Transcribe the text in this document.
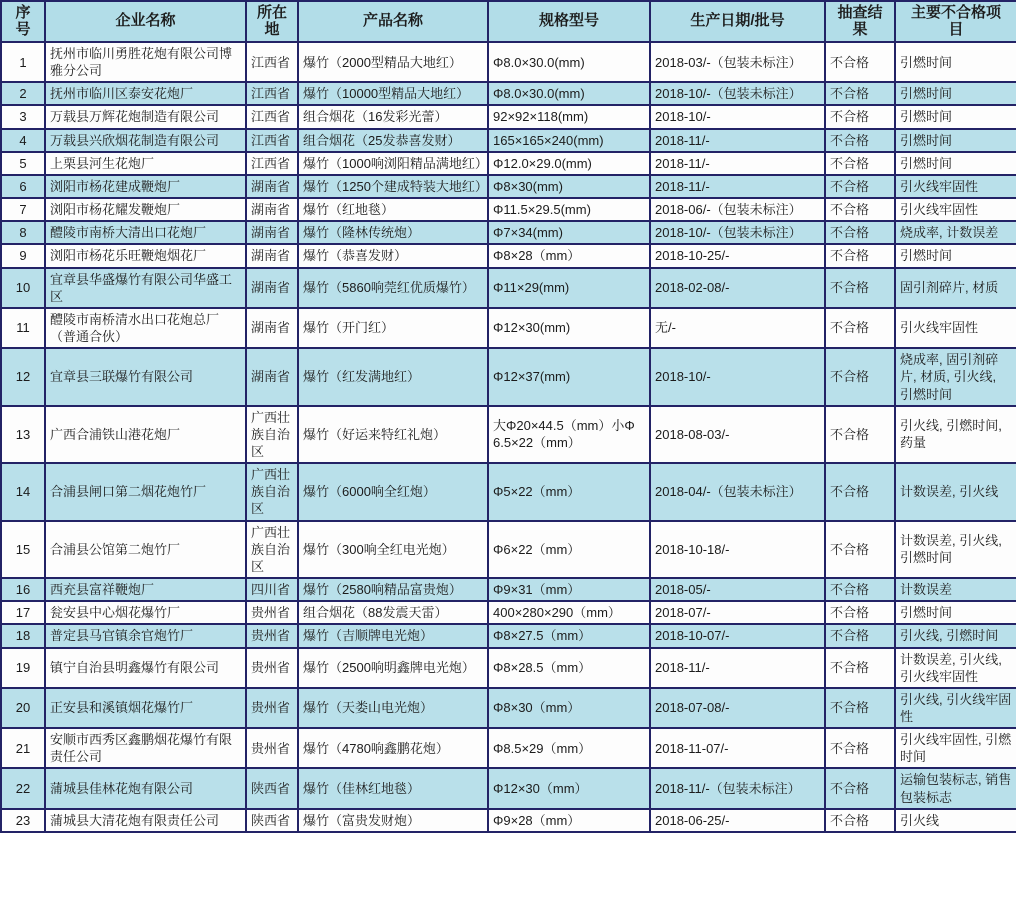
序号	企业名称	所在地	产品名称	规格型号	生产日期/批号	抽查结果	主要不合格项目
1	抚州市临川勇胜花炮有限公司博雅分公司	江西省	爆竹（2000型精品大地红）	Φ8.0×30.0(mm)	2018-03/-（包装未标注）	不合格	引燃时间
2	抚州市临川区泰安花炮厂	江西省	爆竹（10000型精品大地红）	Φ8.0×30.0(mm)	2018-10/-（包装未标注）	不合格	引燃时间
3	万载县万辉花炮制造有限公司	江西省	组合烟花（16发彩光蕾）	92×92×118(mm)	2018-10/-	不合格	引燃时间
4	万载县兴欣烟花制造有限公司	江西省	组合烟花（25发恭喜发财）	165×165×240(mm)	2018-11/-	不合格	引燃时间
5	上栗县河生花炮厂	江西省	爆竹（1000响浏阳精品满地红）	Φ12.0×29.0(mm)	2018-11/-	不合格	引燃时间
6	浏阳市杨花建成鞭炮厂	湖南省	爆竹（1250个建成特装大地红）	Φ8×30(mm)	2018-11/-	不合格	引火线牢固性
7	浏阳市杨花耀发鞭炮厂	湖南省	爆竹（红地毯）	Φ11.5×29.5(mm)	2018-06/-（包装未标注）	不合格	引火线牢固性
8	醴陵市南桥大清出口花炮厂	湖南省	爆竹（隆林传统炮）	Φ7×34(mm)	2018-10/-（包装未标注）	不合格	烧成率, 计数误差
9	浏阳市杨花乐旺鞭炮烟花厂	湖南省	爆竹（恭喜发财）	Φ8×28（mm）	2018-10-25/-	不合格	引燃时间
10	宜章县华盛爆竹有限公司华盛工区	湖南省	爆竹（5860响莞红优质爆竹）	Φ11×29(mm)	2018-02-08/-	不合格	固引剂碎片, 材质
11	醴陵市南桥清水出口花炮总厂（普通合伙）	湖南省	爆竹（开门红）	Φ12×30(mm)	无/-	不合格	引火线牢固性
12	宜章县三联爆竹有限公司	湖南省	爆竹（红发满地红）	Φ12×37(mm)	2018-10/-	不合格	烧成率, 固引剂碎片, 材质, 引火线, 引燃时间
13	广西合浦铁山港花炮厂	广西壮族自治区	爆竹（好运来特红礼炮）	大Φ20×44.5（mm）小Φ6.5×22（mm）	2018-08-03/-	不合格	引火线, 引燃时间, 药量
14	合浦县闸口第二烟花炮竹厂	广西壮族自治区	爆竹（6000响全红炮）	Φ5×22（mm）	2018-04/-（包装未标注）	不合格	计数误差, 引火线
15	合浦县公馆第二炮竹厂	广西壮族自治区	爆竹（300响全红电光炮）	Φ6×22（mm）	2018-10-18/-	不合格	计数误差, 引火线, 引燃时间
16	西充县富祥鞭炮厂	四川省	爆竹（2580响精品富贵炮）	Φ9×31（mm）	2018-05/-	不合格	计数误差
17	瓮安县中心烟花爆竹厂	贵州省	组合烟花（88发震天雷）	400×280×290（mm）	2018-07/-	不合格	引燃时间
18	普定县马官镇余官炮竹厂	贵州省	爆竹（吉顺牌电光炮）	Φ8×27.5（mm）	2018-10-07/-	不合格	引火线, 引燃时间
19	镇宁自治县明鑫爆竹有限公司	贵州省	爆竹（2500响明鑫牌电光炮）	Φ8×28.5（mm）	2018-11/-	不合格	计数误差, 引火线, 引火线牢固性
20	正安县和溪镇烟花爆竹厂	贵州省	爆竹（天娄山电光炮）	Φ8×30（mm）	2018-07-08/-	不合格	引火线, 引火线牢固性
21	安顺市西秀区鑫鹏烟花爆竹有限责任公司	贵州省	爆竹（4780响鑫鹏花炮）	Φ8.5×29（mm）	2018-11-07/-	不合格	引火线牢固性, 引燃时间
22	蒲城县佳林花炮有限公司	陕西省	爆竹（佳林红地毯）	Φ12×30（mm）	2018-11/-（包装未标注）	不合格	运输包装标志, 销售包装标志
23	蒲城县大清花炮有限责任公司	陕西省	爆竹（富贵发财炮）	Φ9×28（mm）	2018-06-25/-	不合格	引火线
